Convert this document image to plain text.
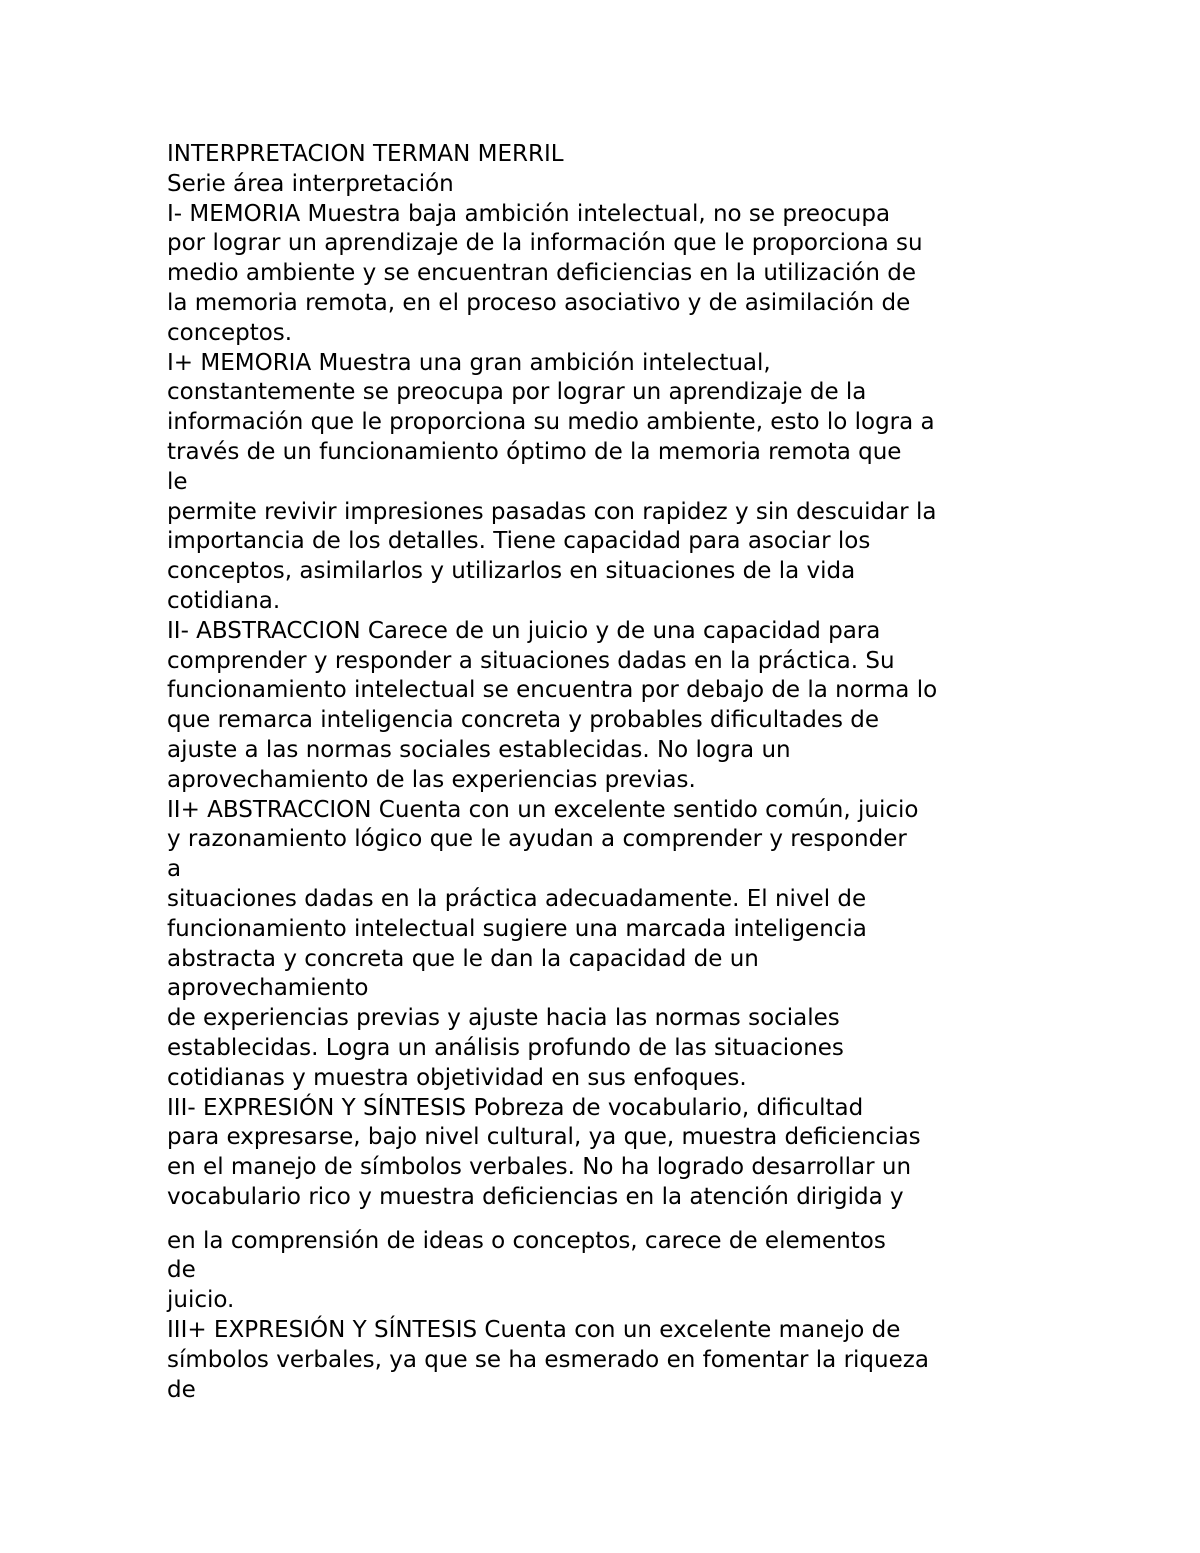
INTERPRETACION TERMAN MERRIL
Serie área interpretación
I- MEMORIA Muestra baja ambición intelectual, no se preocupa
por lograr un aprendizaje de la información que le proporciona su
medio ambiente y se encuentran deficiencias en la utilización de
la memoria remota, en el proceso asociativo y de asimilación de
conceptos.
I+ MEMORIA Muestra una gran ambición intelectual,
constantemente se preocupa por lograr un aprendizaje de la
información que le proporciona su medio ambiente, esto lo logra a
través de un funcionamiento óptimo de la memoria remota que
le
permite revivir impresiones pasadas con rapidez y sin descuidar la
importancia de los detalles. Tiene capacidad para asociar los
conceptos, asimilarlos y utilizarlos en situaciones de la vida
cotidiana.
II- ABSTRACCION Carece de un juicio y de una capacidad para
comprender y responder a situaciones dadas en la práctica. Su
funcionamiento intelectual se encuentra por debajo de la norma lo
que remarca inteligencia concreta y probables dificultades de
ajuste a las normas sociales establecidas. No logra un
aprovechamiento de las experiencias previas.
II+ ABSTRACCION Cuenta con un excelente sentido común, juicio
y razonamiento lógico que le ayudan a comprender y responder
a
situaciones dadas en la práctica adecuadamente. El nivel de
funcionamiento intelectual sugiere una marcada inteligencia
abstracta y concreta que le dan la capacidad de un
aprovechamiento
de experiencias previas y ajuste hacia las normas sociales
establecidas. Logra un análisis profundo de las situaciones
cotidianas y muestra objetividad en sus enfoques.
III- EXPRESIÓN Y SÍNTESIS Pobreza de vocabulario, dificultad
para expresarse, bajo nivel cultural, ya que, muestra deficiencias
en el manejo de símbolos verbales. No ha logrado desarrollar un
vocabulario rico y muestra deficiencias en la atención dirigida y
en la comprensión de ideas o conceptos, carece de elementos
de
juicio.
III+ EXPRESIÓN Y SÍNTESIS Cuenta con un excelente manejo de
símbolos verbales, ya que se ha esmerado en fomentar la riqueza
de
